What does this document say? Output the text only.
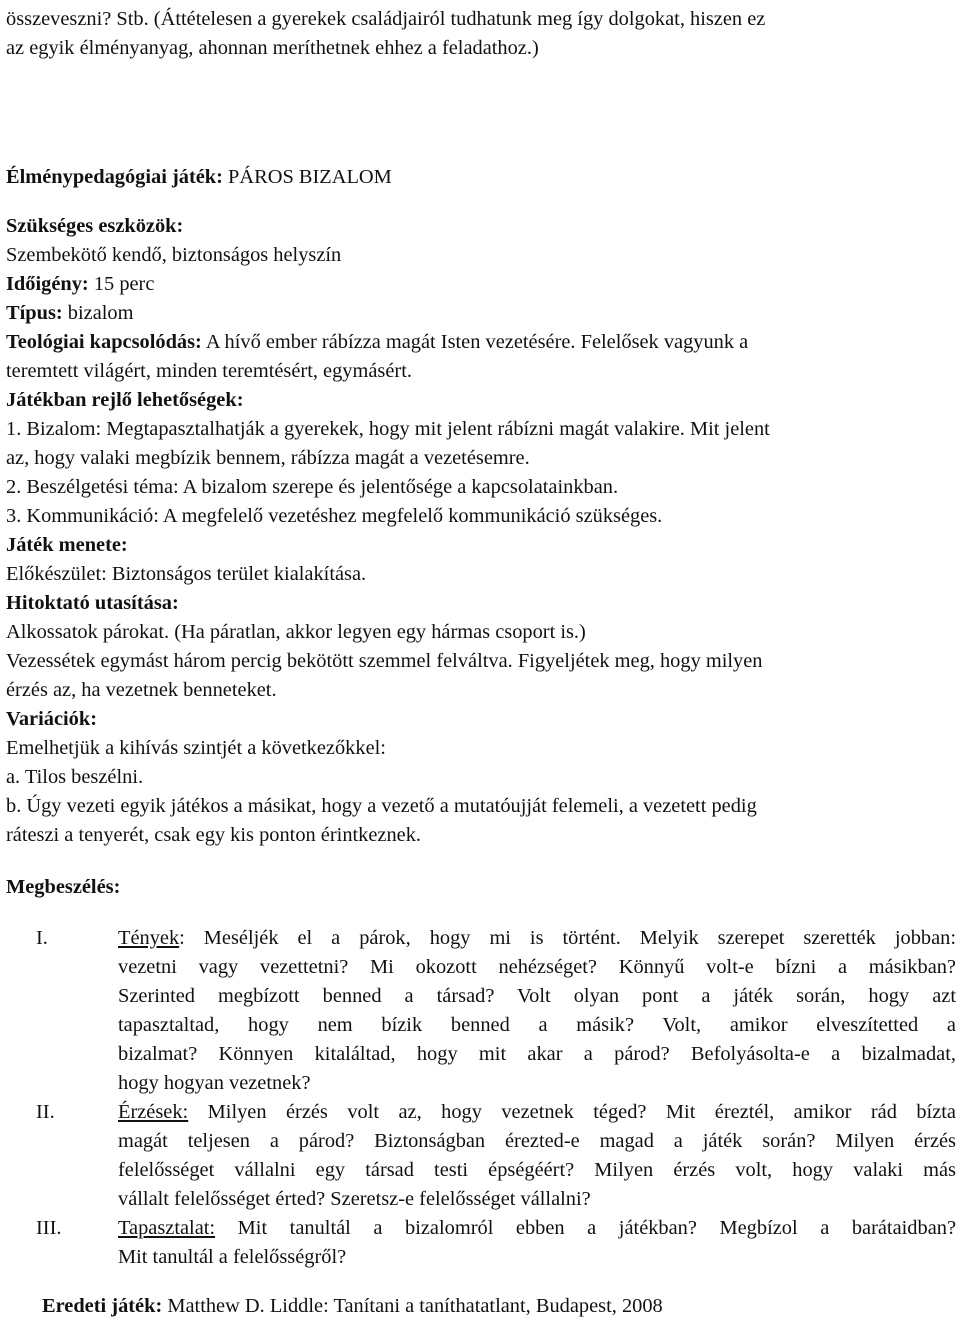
összeveszni? Stb. (Áttételesen a gyerekek családjairól tudhatunk meg így dolgokat, hiszen ez
az egyik élményanyag, ahonnan meríthetnek ehhez a feladathoz.)
Élménypedagógiai játék: PÁROS BIZALOM
Szükséges eszközök:
Szembekötő kendő, biztonságos helyszín
Időigény: 15 perc
Típus: bizalom
Teológiai kapcsolódás: A hívő ember rábízza magát Isten vezetésére. Felelősek vagyunk a
teremtett világért, minden teremtésért, egymásért.
Játékban rejlő lehetőségek:
1. Bizalom: Megtapasztalhatják a gyerekek, hogy mit jelent rábízni magát valakire. Mit jelent
az, hogy valaki megbízik bennem, rábízza magát a vezetésemre.
2. Beszélgetési téma: A bizalom szerepe és jelentősége a kapcsolatainkban.
3. Kommunikáció: A megfelelő vezetéshez megfelelő kommunikáció szükséges.
Játék menete:
Előkészület: Biztonságos terület kialakítása.
Hitoktató utasítása:
Alkossatok párokat. (Ha páratlan, akkor legyen egy hármas csoport is.)
Vezessétek egymást három percig bekötött szemmel felváltva. Figyeljétek meg, hogy milyen
érzés az, ha vezetnek benneteket.
Variációk:
Emelhetjük a kihívás szintjét a következőkkel:
a. Tilos beszélni.
b. Úgy vezeti egyik játékos a másikat, hogy a vezető a mutatóujját felemeli, a vezetett pedig
ráteszi a tenyerét, csak egy kis ponton érintkeznek.
Megbeszélés:
I.	Tények: Meséljék el a párok, hogy mi is történt. Melyik szerepet szerették jobban:
vezetni vagy vezettetni? Mi okozott nehézséget? Könnyű volt-e bízni a másikban?
Szerinted megbízott benned a társad? Volt olyan pont a játék során, hogy azt
tapasztaltad, hogy nem bízik benned a másik? Volt, amikor elveszítetted a
bizalmat? Könnyen kitaláltad, hogy mit akar a párod? Befolyásolta-e a bizalmadat,
hogy hogyan vezetnek?
II.	Érzések: Milyen érzés volt az, hogy vezetnek téged? Mit éreztél, amikor rád bízta
magát teljesen a párod? Biztonságban érezted-e magad a játék során? Milyen érzés
felelősséget vállalni egy társad testi épségéért? Milyen érzés volt, hogy valaki más
vállalt felelősséget érted? Szeretsz-e felelősséget vállalni?
III.	Tapasztalat: Mit tanultál a bizalomról ebben a játékban? Megbízol a barátaidban?
Mit tanultál a felelősségről?
Eredeti játék: Matthew D. Liddle: Tanítani a taníthatatlant, Budapest, 2008
